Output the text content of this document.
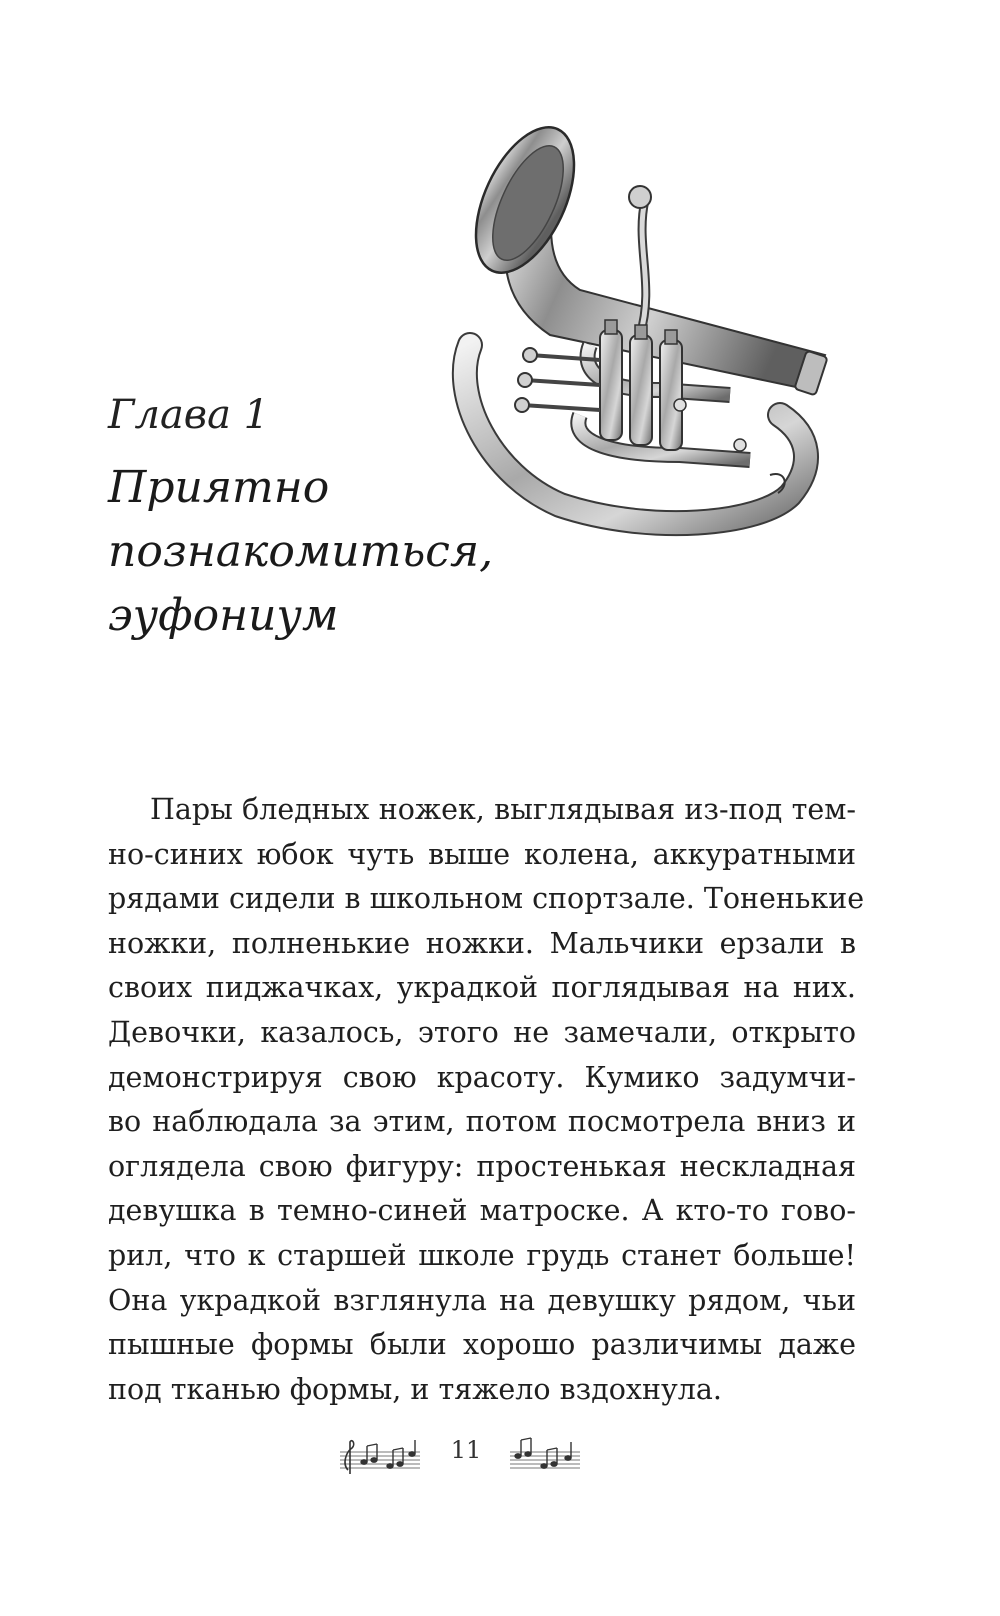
Глава 1
Приятно
познакомиться,
эуфониум
Пары бледных ножек, выглядывая из-под тем-
но-синих юбок чуть выше колена, аккуратными
рядами сидели в школьном спортзале. Тоненькие
ножки, полненькие ножки. Мальчики ерзали в
своих пиджачках, украдкой поглядывая на них.
Девочки, казалось, этого не замечали, открыто
демонстрируя свою красоту. Кумико задумчи-
во наблюдала за этим, потом посмотрела вниз и
оглядела свою фигуру: простенькая нескладная
девушка в темно-синей матроске. А кто-то гово-
рил, что к старшей школе грудь станет больше!
Она украдкой взглянула на девушку рядом, чьи
пышные формы были хорошо различимы даже
под тканью формы, и тяжело вздохнула.
11
